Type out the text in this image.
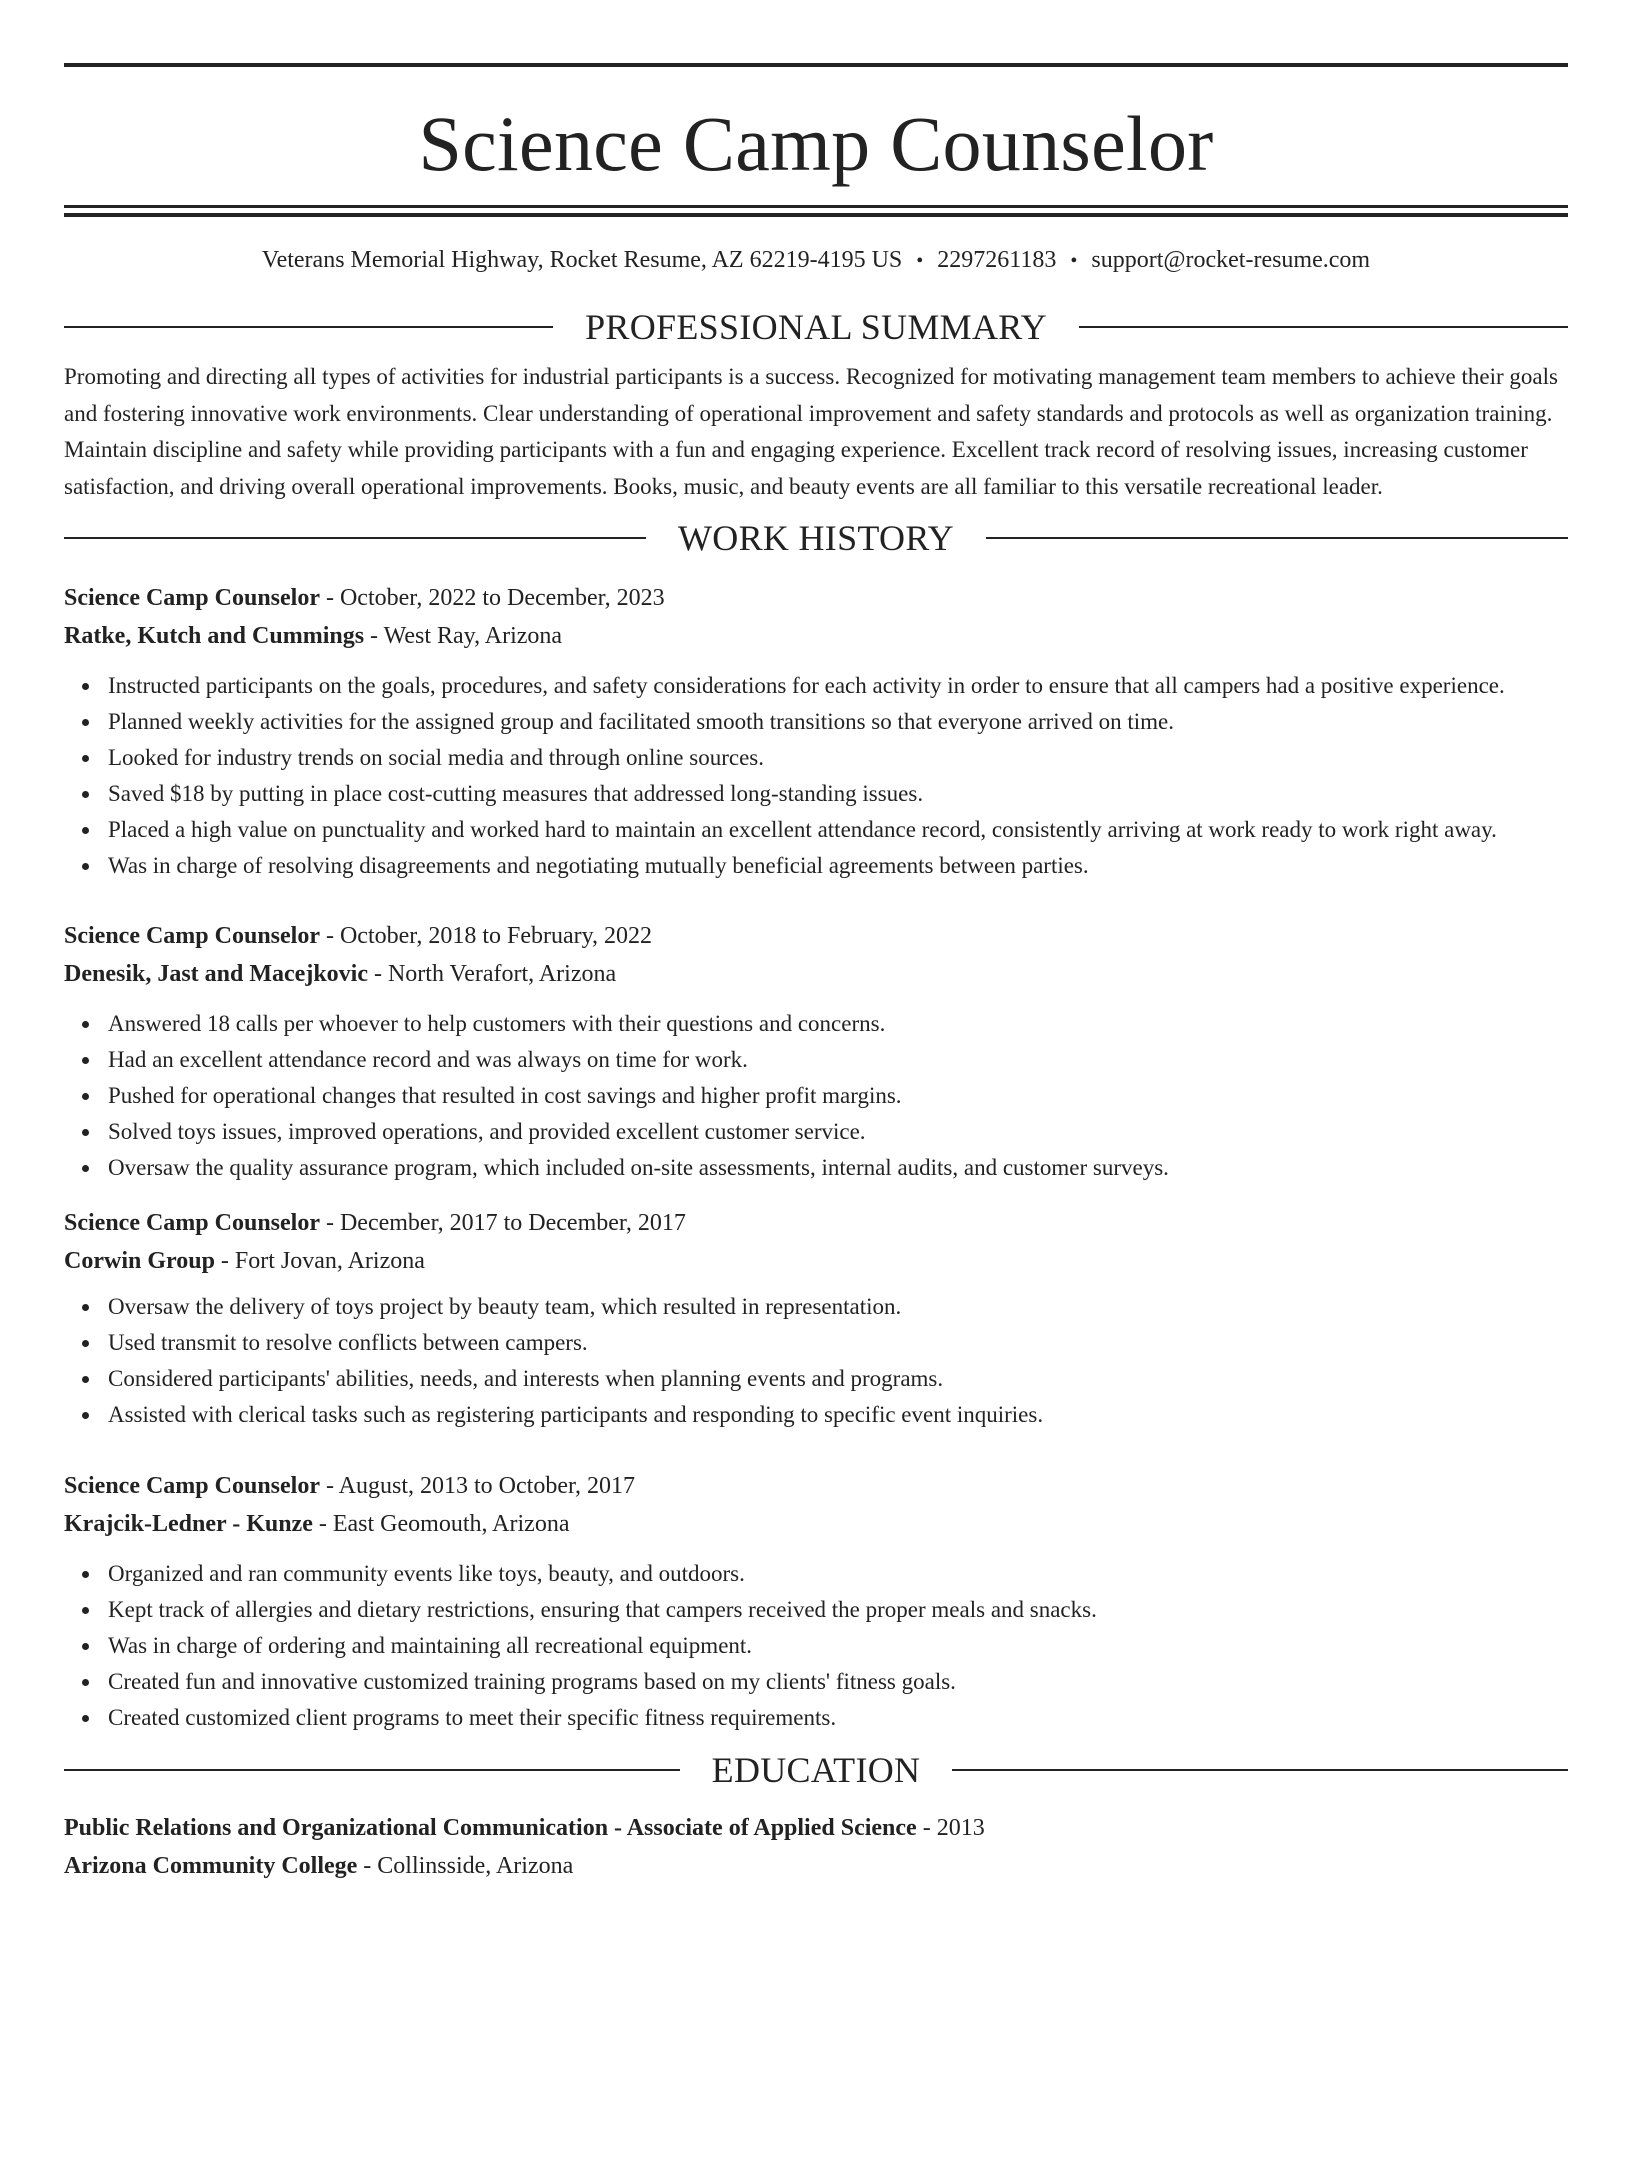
Science Camp Counselor
Veterans Memorial Highway, Rocket Resume, AZ 62219-4195 US • 2297261183 • support@rocket-resume.com
PROFESSIONAL SUMMARY

Promoting and directing all types of activities for industrial participants is a success. Recognized for motivating management team members to achieve their goals and fostering innovative work environments. Clear understanding of operational improvement and safety standards and protocols as well as organization training. Maintain discipline and safety while providing participants with a fun and engaging experience. Excellent track record of resolving issues, increasing customer satisfaction, and driving overall operational improvements. Books, music, and beauty events are all familiar to this versatile recreational leader.

WORK HISTORY
Science Camp Counselor - October, 2022 to December, 2023
Ratke, Kutch and Cummings - West Ray, Arizona
Instructed participants on the goals, procedures, and safety considerations for each activity in order to ensure that all campers had a positive experience.
Planned weekly activities for the assigned group and facilitated smooth transitions so that everyone arrived on time.
Looked for industry trends on social media and through online sources.
Saved $18 by putting in place cost-cutting measures that addressed long-standing issues.
Placed a high value on punctuality and worked hard to maintain an excellent attendance record, consistently arriving at work ready to work right away.
Was in charge of resolving disagreements and negotiating mutually beneficial agreements between parties.
Science Camp Counselor - October, 2018 to February, 2022
Denesik, Jast and Macejkovic - North Verafort, Arizona
Answered 18 calls per whoever to help customers with their questions and concerns.
Had an excellent attendance record and was always on time for work.
Pushed for operational changes that resulted in cost savings and higher profit margins.
Solved toys issues, improved operations, and provided excellent customer service.
Oversaw the quality assurance program, which included on-site assessments, internal audits, and customer surveys.
Science Camp Counselor - December, 2017 to December, 2017
Corwin Group - Fort Jovan, Arizona
Oversaw the delivery of toys project by beauty team, which resulted in representation.
Used transmit to resolve conflicts between campers.
Considered participants' abilities, needs, and interests when planning events and programs.
Assisted with clerical tasks such as registering participants and responding to specific event inquiries.
Science Camp Counselor - August, 2013 to October, 2017
Krajcik-Ledner - Kunze - East Geomouth, Arizona
Organized and ran community events like toys, beauty, and outdoors.
Kept track of allergies and dietary restrictions, ensuring that campers received the proper meals and snacks.
Was in charge of ordering and maintaining all recreational equipment.
Created fun and innovative customized training programs based on my clients' fitness goals.
Created customized client programs to meet their specific fitness requirements.
EDUCATION
Public Relations and Organizational Communication - Associate of Applied Science - 2013
Arizona Community College - Collinsside, Arizona
